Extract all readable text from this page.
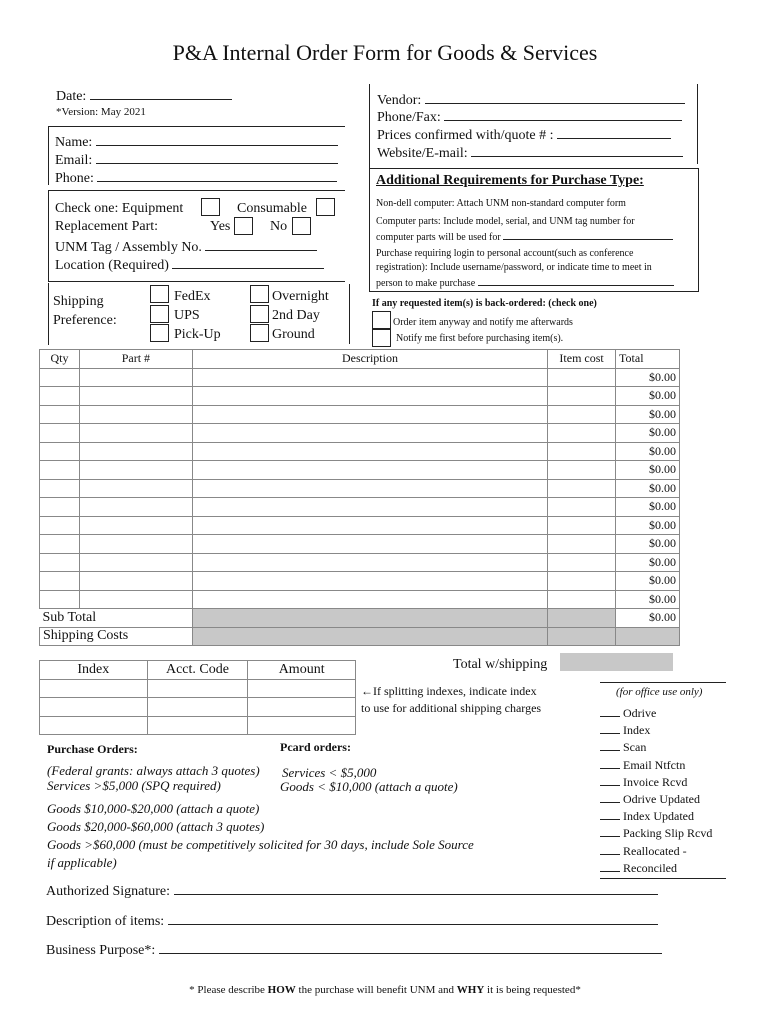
P&A Internal Order Form for Goods & Services
Date:
*Version: May 2021
Name:
Email:
Phone:
Vendor:
Phone/Fax:
Prices confirmed with/quote # :
Website/E-mail:
Check one: Equipment	Consumable
Replacement Part:	Yes	No
UNM Tag / Assembly No.
Location (Required)
Additional Requirements for Purchase Type:
Non-dell computer: Attach UNM non-standard computer form
Computer parts: Include model, serial, and UNM tag number for
computer parts will be used for
Purchase requiring login to personal account(such as conference
registration): Include username/password, or indicate time to meet in
person to make purchase
Shipping
Preference:
FedEx
UPS
Pick-Up
Overnight
2nd Day
Ground
If any requested item(s) is back-ordered: (check one)
Order item anyway and notify me afterwards
Notify me first before purchasing item(s).
Qty	Part #	Description	Item cost	Total
				$0.00
				$0.00
				$0.00
				$0.00
				$0.00
				$0.00
				$0.00
				$0.00
				$0.00
				$0.00
				$0.00
				$0.00
				$0.00
Sub Total				$0.00
Shipping Costs				
Index	Acct. Code	Amount

			Total w/shipping
←If splitting indexes, indicate index
to use for additional shipping charges
(for office use only)
Odrive
Index
Scan
Email Ntfctn
Invoice Rcvd
Odrive Updated
Index Updated
Packing Slip Rcvd
Reallocated -
Reconciled
Purchase Orders:	Pcard orders:
(Federal grants: always attach 3 quotes)
Services >$5,000 (SPQ required)
Services < $5,000
Goods < $10,000 (attach a quote)
Goods $10,000-$20,000 (attach a quote)
Goods $20,000-$60,000 (attach 3 quotes)
Goods >$60,000 (must be competitively solicited for 30 days, include Sole Source
if applicable)
Authorized Signature:
Description of items:
Business Purpose*:
* Please describe HOW the purchase will benefit UNM and WHY it is being requested*
